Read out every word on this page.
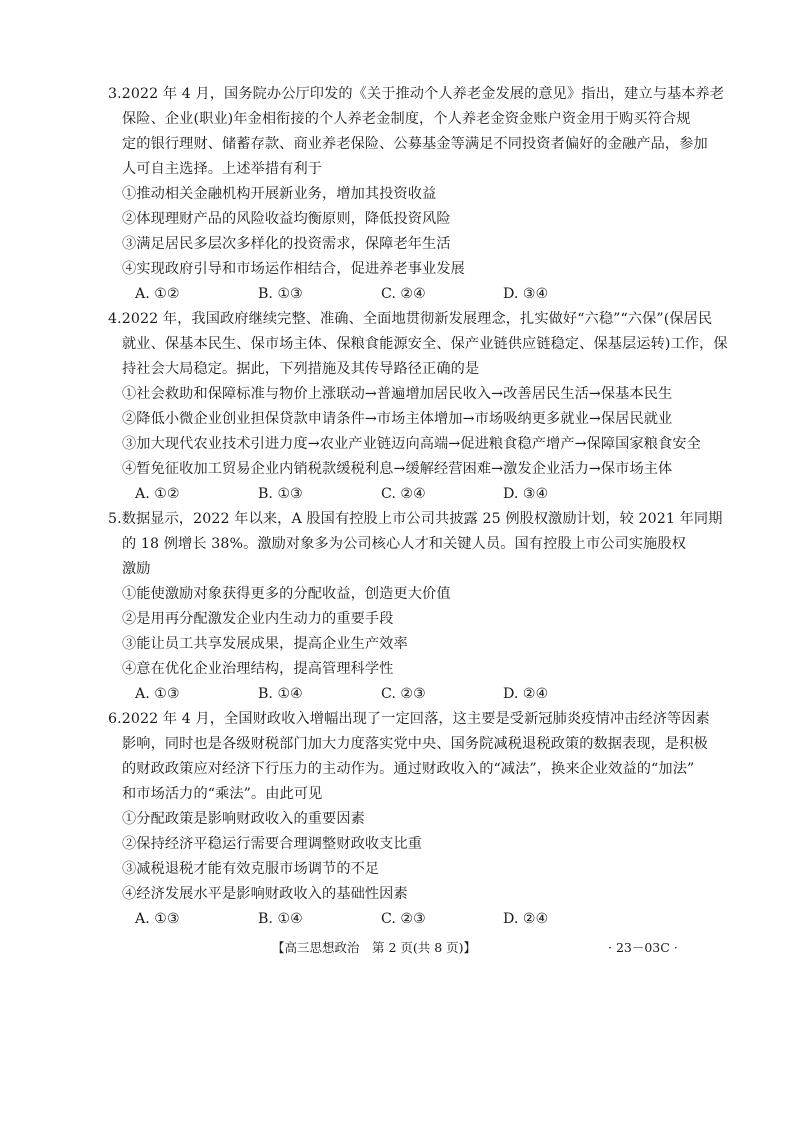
3.2022 年 4 月，国务院办公厅印发的《关于推动个人养老金发展的意见》指出，建立与基本养老
保险、企业(职业)年金相衔接的个人养老金制度，个人养老金资金账户资金用于购买符合规
定的银行理财、储蓄存款、商业养老保险、公募基金等满足不同投资者偏好的金融产品，参加
人可自主选择。上述举措有利于
①推动相关金融机构开展新业务，增加其投资收益
②体现理财产品的风险收益均衡原则，降低投资风险
③满足居民多层次多样化的投资需求，保障老年生活
④实现政府引导和市场运作相结合，促进养老事业发展
A. ①②	B. ①③	C. ②④	D. ③④
4.2022 年，我国政府继续完整、准确、全面地贯彻新发展理念，扎实做好“六稳”“六保”(保居民
就业、保基本民生、保市场主体、保粮食能源安全、保产业链供应链稳定、保基层运转)工作，保
持社会大局稳定。据此，下列措施及其传导路径正确的是
①社会救助和保障标准与物价上涨联动→普遍增加居民收入→改善居民生活→保基本民生
②降低小微企业创业担保贷款申请条件→市场主体增加→市场吸纳更多就业→保居民就业
③加大现代农业技术引进力度→农业产业链迈向高端→促进粮食稳产增产→保障国家粮食安全
④暂免征收加工贸易企业内销税款缓税利息→缓解经营困难→激发企业活力→保市场主体
A. ①②	B. ①③	C. ②④	D. ③④
5.数据显示，2022 年以来，A 股国有控股上市公司共披露 25 例股权激励计划，较 2021 年同期
的 18 例增长 38%。激励对象多为公司核心人才和关键人员。国有控股上市公司实施股权
激励
①能使激励对象获得更多的分配收益，创造更大价值
②是用再分配激发企业内生动力的重要手段
③能让员工共享发展成果，提高企业生产效率
④意在优化企业治理结构，提高管理科学性
A. ①③	B. ①④	C. ②③	D. ②④
6.2022 年 4 月，全国财政收入增幅出现了一定回落，这主要是受新冠肺炎疫情冲击经济等因素
影响，同时也是各级财税部门加大力度落实党中央、国务院减税退税政策的数据表现，是积极
的财政政策应对经济下行压力的主动作为。通过财政收入的“减法”，换来企业效益的“加法”
和市场活力的“乘法”。由此可见
①分配政策是影响财政收入的重要因素
②保持经济平稳运行需要合理调整财政收支比重
③减税退税才能有效克服市场调节的不足
④经济发展水平是影响财政收入的基础性因素
A. ①③	B. ①④	C. ②③	D. ②④
【高三思想政治　第 2 页(共 8 页)】	· 23－03C ·
